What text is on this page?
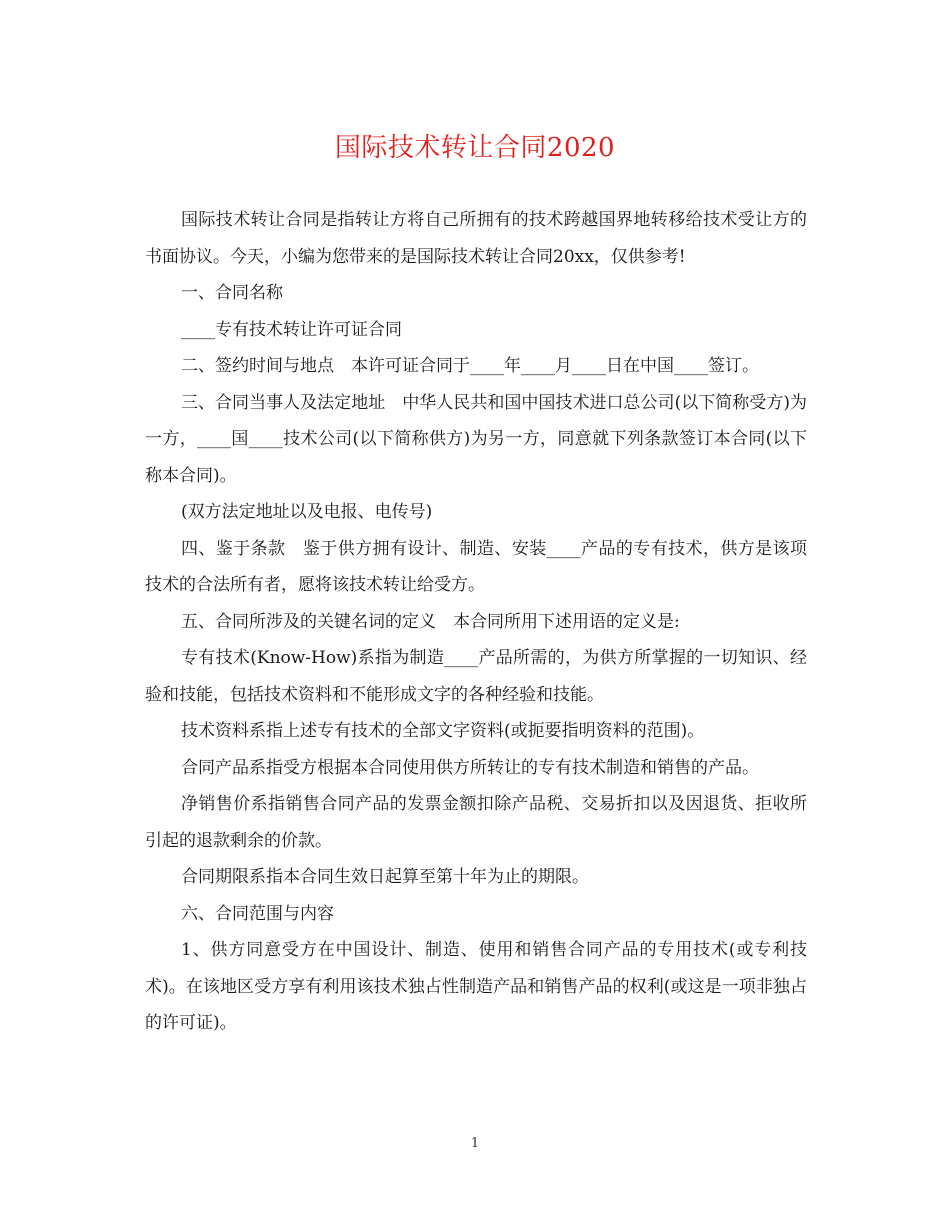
国际技术转让合同2020

国际技术转让合同是指转让方将自己所拥有的技术跨越国界地转移给技术受让方的书面协议。今天，小编为您带来的是国际技术转让合同20xx，仅供参考!

一、合同名称

____专有技术转让许可证合同

二、签约时间与地点　本许可证合同于____年____月____日在中国____签订。

三、合同当事人及法定地址　中华人民共和国中国技术进口总公司(以下简称受方)为一方，____国____技术公司(以下简称供方)为另一方，同意就下列条款签订本合同(以下称本合同)。

(双方法定地址以及电报、电传号)

四、鉴于条款　鉴于供方拥有设计、制造、安装____产品的专有技术，供方是该项技术的合法所有者，愿将该技术转让给受方。

五、合同所涉及的关键名词的定义　本合同所用下述用语的定义是:

专有技术(Know-How)系指为制造____产品所需的，为供方所掌握的一切知识、经验和技能，包括技术资料和不能形成文字的各种经验和技能。

技术资料系指上述专有技术的全部文字资料(或扼要指明资料的范围)。

合同产品系指受方根据本合同使用供方所转让的专有技术制造和销售的产品。

净销售价系指销售合同产品的发票金额扣除产品税、交易折扣以及因退货、拒收所引起的退款剩余的价款。

合同期限系指本合同生效日起算至第十年为止的期限。

六、合同范围与内容

1、供方同意受方在中国设计、制造、使用和销售合同产品的专用技术(或专利技术)。在该地区受方享有利用该技术独占性制造产品和销售产品的权利(或这是一项非独占的许可证)。

1
